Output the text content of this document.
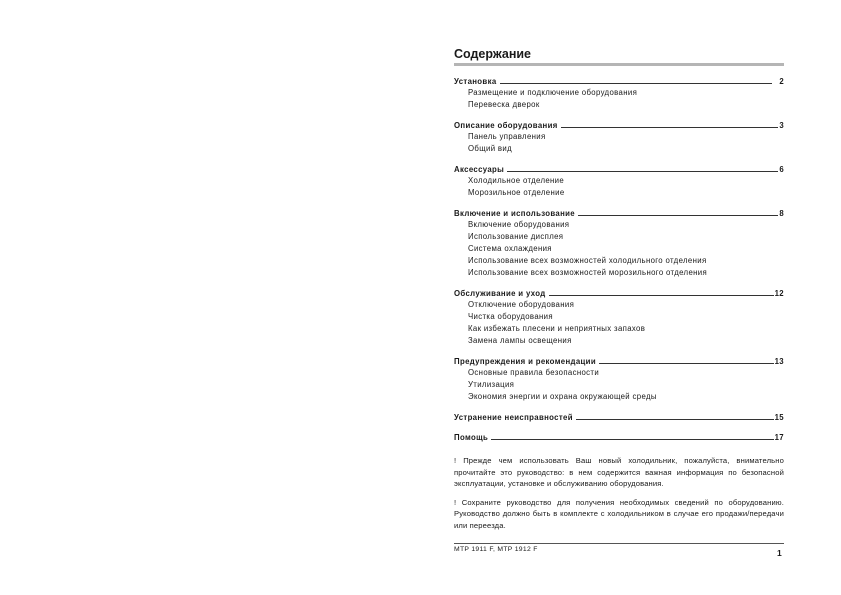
Содержание
Установка	2
Размещение и подключение оборудования
Перевеска дверок
Описание оборудования	3
Панель управления
Общий вид
Аксессуары	6
Холодильное отделение
Морозильное отделение
Включение и использование	8
Включение оборудования
Использование дисплея
Система охлаждения
Использование всех возможностей холодильного отделения
Использование всех возможностей морозильного отделения
Обслуживание и уход	12
Отключение оборудования
Чистка оборудования
Как избежать плесени и неприятных запахов
Замена лампы освещения
Предупреждения и рекомендации	13
Основные правила безопасности
Утилизация
Экономия энергии и охрана окружающей среды
Устранение неисправностей	15
Помощь	17

! Прежде чем использовать Ваш новый холодильник, пожалуйста, внимательно прочитайте это руководство: в нем содержится важная информация по безопасной эксплуатации, установке и обслуживанию оборудования.

! Сохраните руководство для получения необходимых сведений по оборудованию. Руководство должно быть в комплекте с холодильником в случае его продажи/передачи или переезда.

MTP 1911 F, MTP 1912 F	1
